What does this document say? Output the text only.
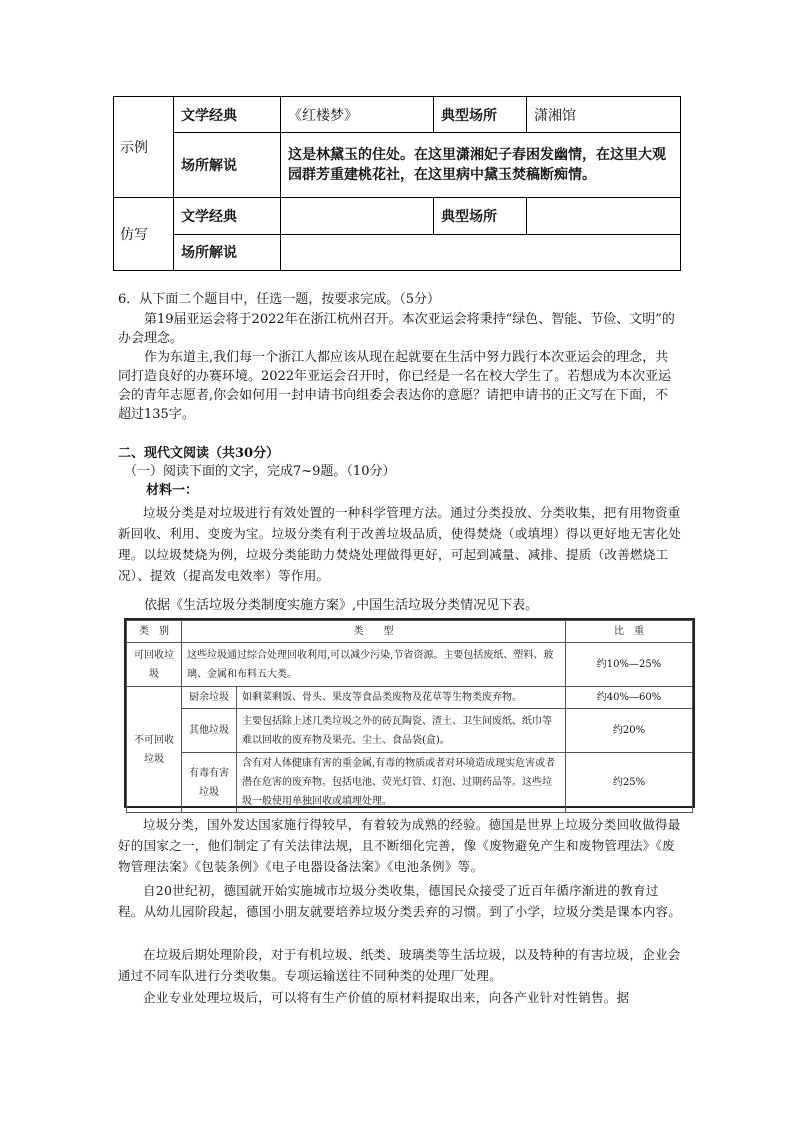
示例	文学经典	《红楼梦》	典型场所	潇湘馆
	场所解说	这是林黛玉的住处。在这里潇湘妃子春困发幽情，在这里大观园群芳重建桃花社，在这里病中黛玉焚稿断痴情。		
仿写	文学经典		典型场所	
	场所解说			
6．从下面二个题目中，任选一题，按要求完成。（5分）
第19届亚运会将于2022年在浙江杭州召开。本次亚运会将秉持“绿色、智能、节俭、文明”的办会理念。
作为东道主,我们每一个浙江人都应该从现在起就要在生活中努力践行本次亚运会的理念，共同打造良好的办赛环境。2022年亚运会召开时，你已经是一名在校大学生了。若想成为本次亚运会的青年志愿者,你会如何用一封申请书向组委会表达你的意愿？请把申请书的正文写在下面，不超过135字。
二、现代文阅读（共30分）
（一）阅读下面的文字，完成7~9题。（10分）
材料一：
垃圾分类是对垃圾进行有效处置的一种科学管理方法。通过分类投放、分类收集，把有用物资重新回收、利用、变废为宝。垃圾分类有利于改善垃圾品质，使得焚烧（或填埋）得以更好地无害化处理。以垃圾焚烧为例，垃圾分类能助力焚烧处理做得更好，可起到减量、减排、提质（改善燃烧工况）、提效（提高发电效率）等作用。
依据《生活垃圾分类制度实施方案》,中国生活垃圾分类情况见下表。
类　别	类　　型		比　重
可回收垃圾	这些垃圾通过综合处理回收利用,可以减少污染,节省资源。主要包括废纸、塑料、玻璃、金属和布料五大类。		约10%—25%
不可回收垃圾	厨余垃圾	如剩菜剩饭、骨头、果皮等食品类废物及花草等生物类废弃物。	约40%—60%
	其他垃圾	主要包括除上述几类垃圾之外的砖瓦陶瓷、渣土、卫生间废纸、纸巾等难以回收的废弃物及果壳、尘土、食品袋(盒)。	约20%
	有毒有害垃圾	含有对人体健康有害的重金属,有毒的物质或者对环境造成现实危害或者潜在危害的废弃物。包括电池、荧光灯管、灯泡、过期药品等。这些垃圾一般使用单独回收或填埋处理。	约25%
垃圾分类，国外发达国家施行得较早，有着较为成熟的经验。德国是世界上垃圾分类回收做得最好的国家之一，他们制定了有关法律法规，且不断细化完善，像《废物避免产生和废物管理法》《废物管理法案》《包装条例》《电子电器设备法案》《电池条例》等。
自20世纪初，德国就开始实施城市垃圾分类收集，德国民众接受了近百年循序渐进的教育过程。从幼儿园阶段起，德国小朋友就要培养垃圾分类丢弃的习惯。到了小学，垃圾分类是课本内容。
在垃圾后期处理阶段，对于有机垃圾、纸类、玻璃类等生活垃圾，以及特种的有害垃圾，企业会通过不同车队进行分类收集。专项运输送往不同种类的处理厂处理。
企业专业处理垃圾后，可以将有生产价值的原材料提取出来，向各产业针对性销售。据
